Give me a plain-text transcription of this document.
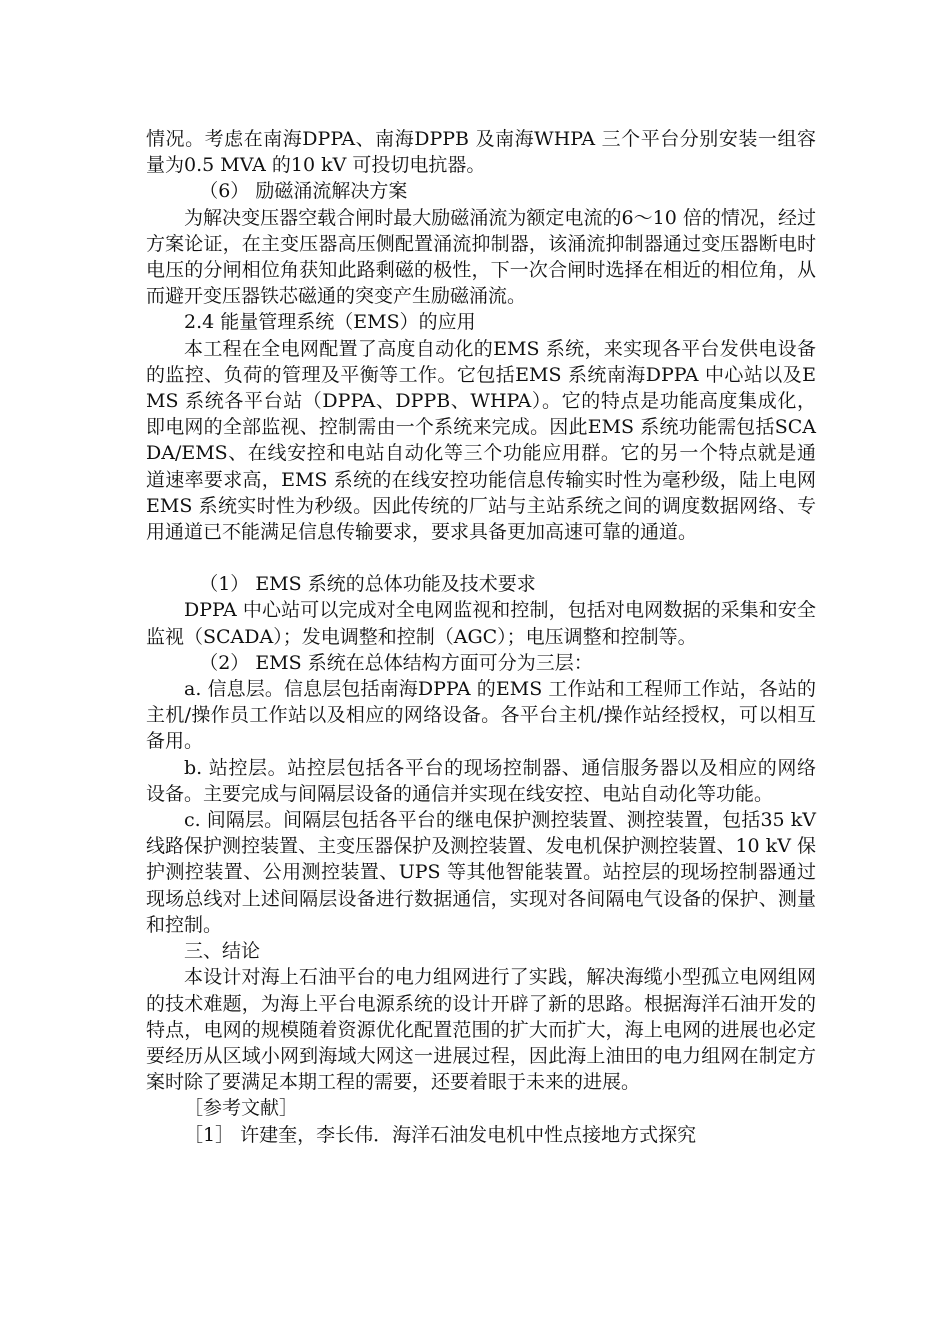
情况。考虑在南海DPPA、南海DPPB 及南海WHPA 三个平台分别安装一组容量为0.5 MVA 的10 kV 可投切电抗器。

（6） 励磁涌流解决方案

为解决变压器空载合闸时最大励磁涌流为额定电流的6～10 倍的情况，经过方案论证，在主变压器高压侧配置涌流抑制器，该涌流抑制器通过变压器断电时电压的分闸相位角获知此路剩磁的极性，下一次合闸时选择在相近的相位角，从而避开变压器铁芯磁通的突变产生励磁涌流。

2.4 能量管理系统（EMS）的应用

本工程在全电网配置了高度自动化的EMS 系统，来实现各平台发供电设备的监控、负荷的管理及平衡等工作。它包括EMS 系统南海DPPA 中心站以及EMS 系统各平台站（DPPA、DPPB、WHPA）。它的特点是功能高度集成化，即电网的全部监视、控制需由一个系统来完成。因此EMS 系统功能需包括SCADA/EMS、在线安控和电站自动化等三个功能应用群。它的另一个特点就是通道速率要求高，EMS 系统的在线安控功能信息传输实时性为毫秒级，陆上电网EMS 系统实时性为秒级。因此传统的厂站与主站系统之间的调度数据网络、专用通道已不能满足信息传输要求，要求具备更加高速可靠的通道。

（1） EMS 系统的总体功能及技术要求

DPPA 中心站可以完成对全电网监视和控制，包括对电网数据的采集和安全监视（SCADA）；发电调整和控制（AGC）；电压调整和控制等。

（2） EMS 系统在总体结构方面可分为三层：

a. 信息层。信息层包括南海DPPA 的EMS 工作站和工程师工作站，各站的主机/操作员工作站以及相应的网络设备。各平台主机/操作站经授权，可以相互备用。

b. 站控层。站控层包括各平台的现场控制器、通信服务器以及相应的网络设备。主要完成与间隔层设备的通信并实现在线安控、电站自动化等功能。

c. 间隔层。间隔层包括各平台的继电保护测控装置、测控装置，包括35 kV 线路保护测控装置、主变压器保护及测控装置、发电机保护测控装置、10 kV 保护测控装置、公用测控装置、UPS 等其他智能装置。站控层的现场控制器通过现场总线对上述间隔层设备进行数据通信，实现对各间隔电气设备的保护、测量和控制。

三、结论

本设计对海上石油平台的电力组网进行了实践，解决海缆小型孤立电网组网的技术难题，为海上平台电源系统的设计开辟了新的思路。根据海洋石油开发的特点，电网的规模随着资源优化配置范围的扩大而扩大，海上电网的进展也必定要经历从区域小网到海域大网这一进展过程，因此海上油田的电力组网在制定方案时除了要满足本期工程的需要，还要着眼于未来的进展。

［参考文献］

［1］ 许建奎，李长伟．海洋石油发电机中性点接地方式探究
